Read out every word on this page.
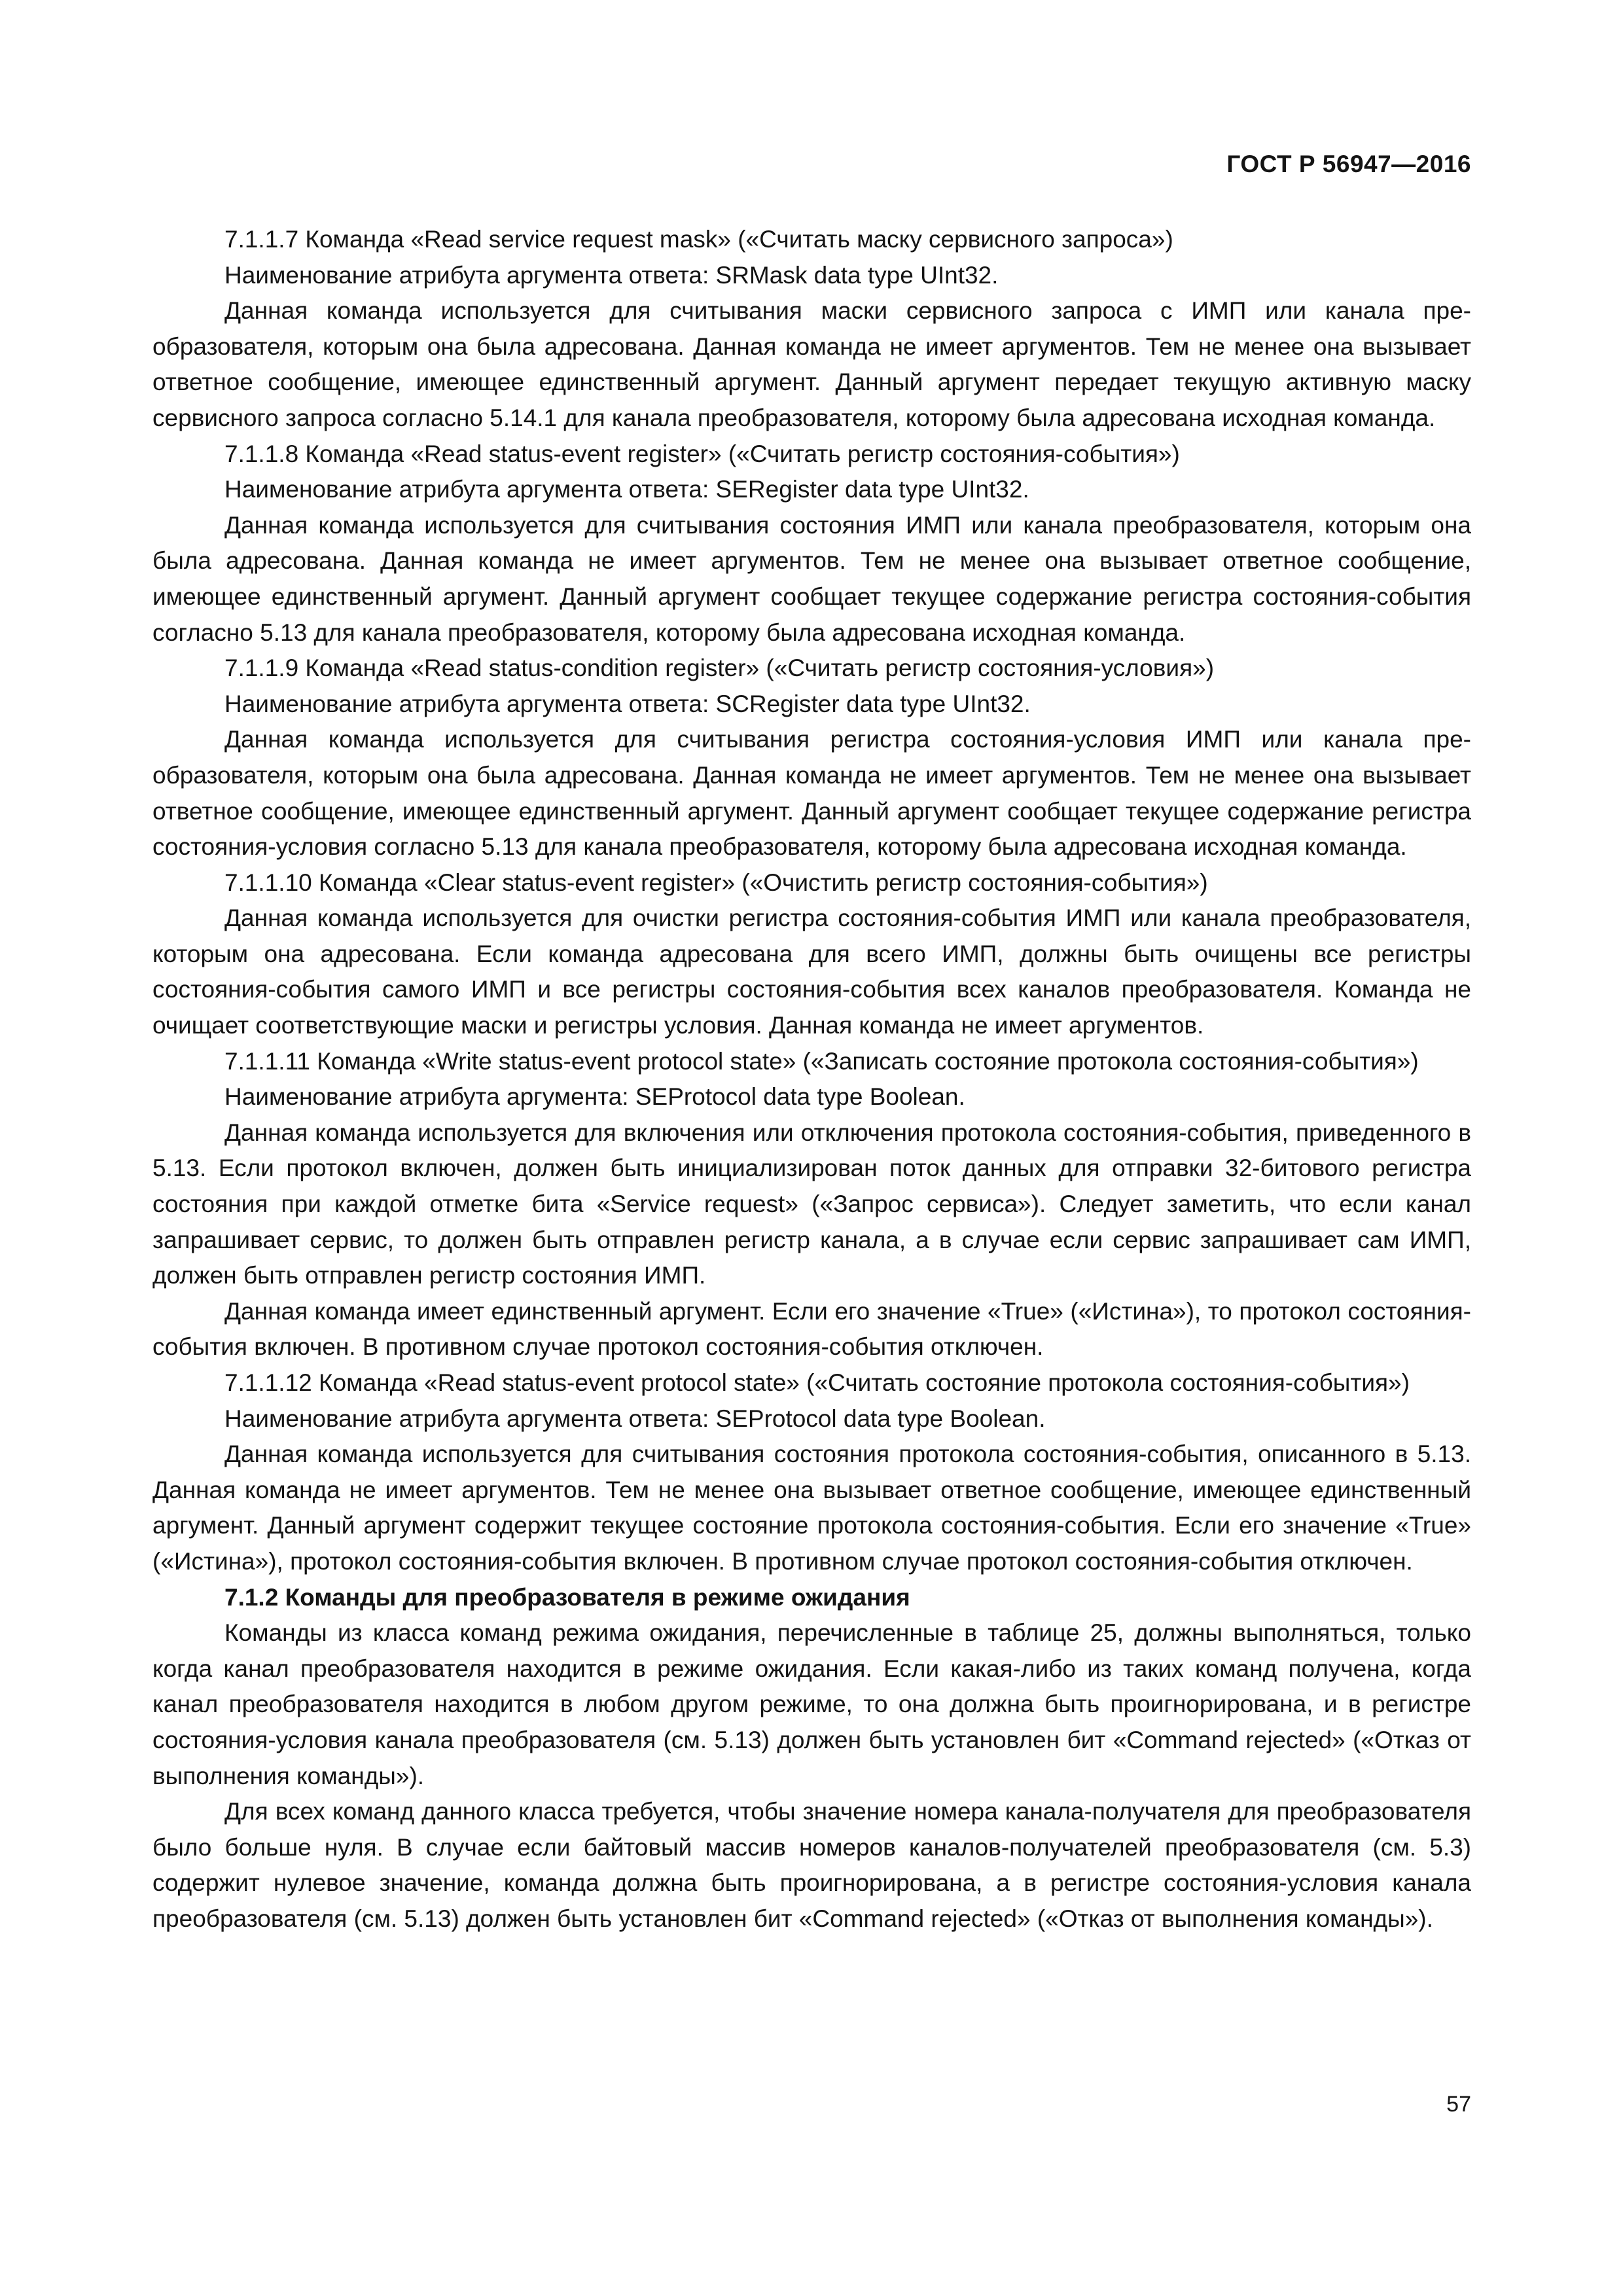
ГОСТ Р 56947—2016

7.1.1.7 Команда «Read service request mask» («Считать маску сервисного запроса»)

Наименование атрибута аргумента ответа: SRMask data type UInt32.

Данная команда используется для считывания маски сервисного запроса с ИМП или канала преобразователя, которым она была адресована. Данная команда не имеет аргументов. Тем не менее она вызывает ответное сообщение, имеющее единственный аргумент. Данный аргумент передает текущую активную маску сервисного запроса согласно 5.14.1 для канала преобразователя, которому была адресована исходная команда.

7.1.1.8 Команда «Read status-event register» («Считать регистр состояния-события»)

Наименование атрибута аргумента ответа: SERegister data type UInt32.

Данная команда используется для считывания состояния ИМП или канала преобразователя, которым она была адресована. Данная команда не имеет аргументов. Тем не менее она вызывает ответное сообщение, имеющее единственный аргумент. Данный аргумент сообщает текущее содержание регистра состояния-события согласно 5.13 для канала преобразователя, которому была адресована исходная команда.

7.1.1.9 Команда «Read status-condition register» («Считать регистр состояния-условия»)

Наименование атрибута аргумента ответа: SCRegister data type UInt32.

Данная команда используется для считывания регистра состояния-условия ИМП или канала преобразователя, которым она была адресована. Данная команда не имеет аргументов. Тем не менее она вызывает ответное сообщение, имеющее единственный аргумент. Данный аргумент сообщает текущее содержание регистра состояния-условия согласно 5.13 для канала преобразователя, которому была адресована исходная команда.

7.1.1.10 Команда «Clear status-event register» («Очистить регистр состояния-события»)

Данная команда используется для очистки регистра состояния-события ИМП или канала преобразователя, которым она адресована. Если команда адресована для всего ИМП, должны быть очищены все регистры состояния-события самого ИМП и все регистры состояния-события всех каналов преобразователя. Команда не очищает соответствующие маски и регистры условия. Данная команда не имеет аргументов.

7.1.1.11 Команда «Write status-event protocol state» («Записать состояние протокола состояния-события»)

Наименование атрибута аргумента: SEProtocol data type Boolean.

Данная команда используется для включения или отключения протокола состояния-события, приведенного в 5.13. Если протокол включен, должен быть инициализирован поток данных для отправки 32-битового регистра состояния при каждой отметке бита «Service request» («Запрос сервиса»). Следует заметить, что если канал запрашивает сервис, то должен быть отправлен регистр канала, а в случае если сервис запрашивает сам ИМП, должен быть отправлен регистр состояния ИМП.

Данная команда имеет единственный аргумент. Если его значение «True» («Истина»), то протокол состояния-события включен. В противном случае протокол состояния-события отключен.

7.1.1.12 Команда «Read status-event protocol state» («Считать состояние протокола состояния-события»)

Наименование атрибута аргумента ответа: SEProtocol data type Boolean.

Данная команда используется для считывания состояния протокола состояния-события, описанного в 5.13. Данная команда не имеет аргументов. Тем не менее она вызывает ответное сообщение, имеющее единственный аргумент. Данный аргумент содержит текущее состояние протокола состояния-события. Если его значение «True» («Истина»), протокол состояния-события включен. В противном случае протокол состояния-события отключен.

7.1.2 Команды для преобразователя в режиме ожидания

Команды из класса команд режима ожидания, перечисленные в таблице 25, должны выполняться, только когда канал преобразователя находится в режиме ожидания. Если какая-либо из таких команд получена, когда канал преобразователя находится в любом другом режиме, то она должна быть проигнорирована, и в регистре состояния-условия канала преобразователя (см. 5.13) должен быть установлен бит «Command rejected» («Отказ от выполнения команды»).

Для всех команд данного класса требуется, чтобы значение номера канала-получателя для преобразователя было больше нуля. В случае если байтовый массив номеров каналов-получателей преобразователя (см. 5.3) содержит нулевое значение, команда должна быть проигнорирована, а в регистре состояния-условия канала преобразователя (см. 5.13) должен быть установлен бит «Command rejected» («Отказ от выполнения команды»).

57
